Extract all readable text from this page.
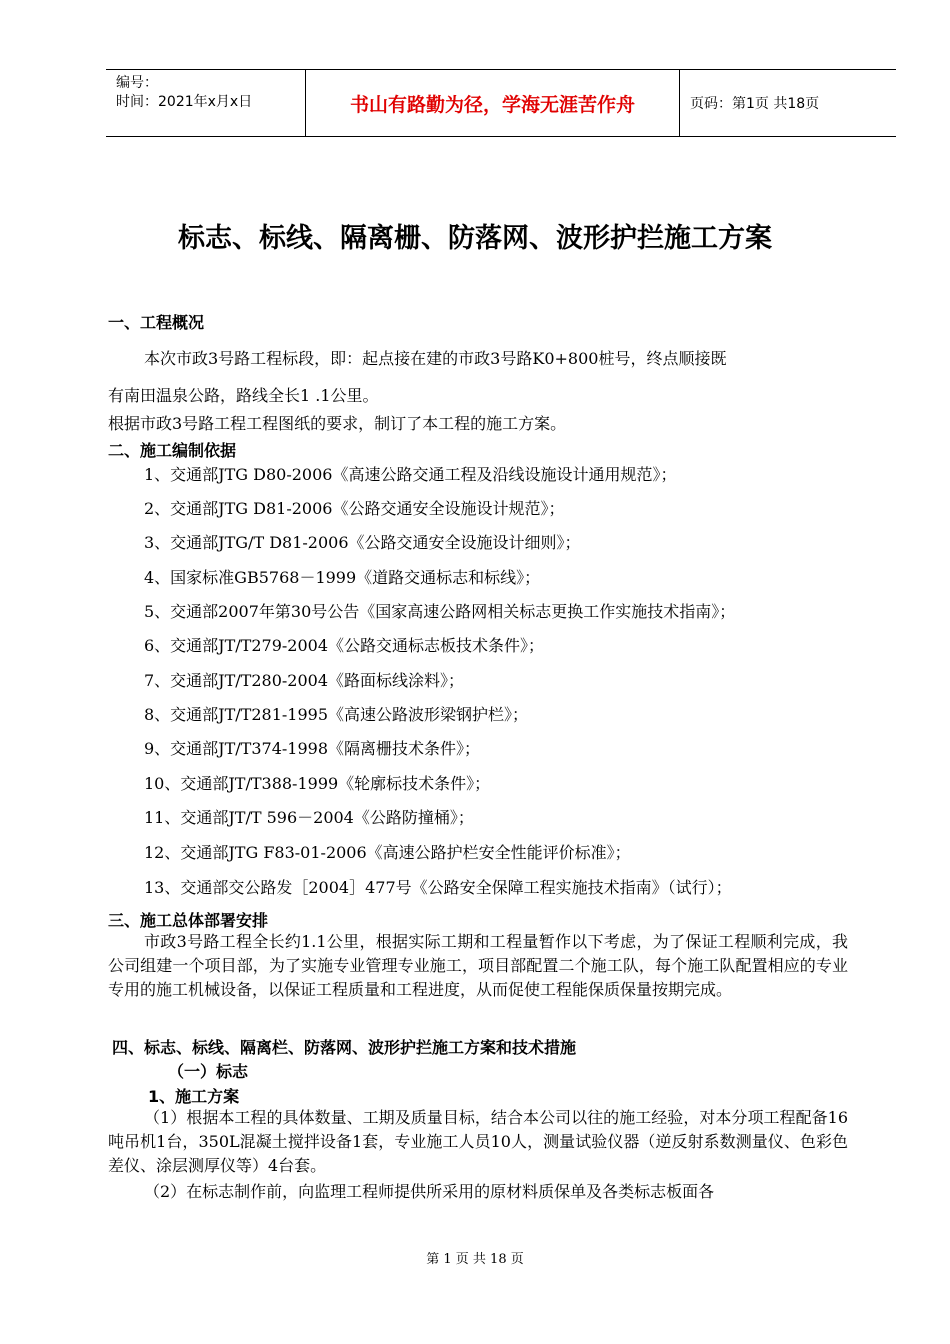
编号：
时间：2021年x月x日	书山有路勤为径，学海无涯苦作舟	页码：第1页 共18页
标志、标线、隔离栅、防落网、波形护拦施工方案
一、工程概况
本次市政3号路工程标段，即：起点接在建的市政3号路K0+800桩号，终点顺接既
有南田温泉公路，路线全长1 .1公里。
根据市政3号路工程工程图纸的要求，制订了本工程的施工方案。
二、施工编制依据
1、交通部JTG D80-2006《高速公路交通工程及沿线设施设计通用规范》；
2、交通部JTG D81-2006《公路交通安全设施设计规范》；
3、交通部JTG/T D81-2006《公路交通安全设施设计细则》；
4、国家标准GB5768－1999《道路交通标志和标线》；
5、交通部2007年第30号公告《国家高速公路网相关标志更换工作实施技术指南》；
6、交通部JT/T279-2004《公路交通标志板技术条件》；
7、交通部JT/T280-2004《路面标线涂料》；
8、交通部JT/T281-1995《高速公路波形梁钢护栏》；
9、交通部JT/T374-1998《隔离栅技术条件》；
10、交通部JT/T388-1999《轮廓标技术条件》；
11、交通部JT/T 596－2004《公路防撞桶》；
12、交通部JTG F83-01-2006《高速公路护栏安全性能评价标准》；
13、交通部交公路发［2004］477号《公路安全保障工程实施技术指南》（试行）；
三、施工总体部署安排
市政3号路工程全长约1.1公里，根据实际工期和工程量暂作以下考虑，为了保证工程顺利完成，我公司组建一个项目部，为了实施专业管理专业施工，项目部配置二个施工队，每个施工队配置相应的专业专用的施工机械设备，以保证工程质量和工程进度，从而促使工程能保质保量按期完成。
四、标志、标线、隔离栏、防落网、波形护拦施工方案和技术措施
（一）标志
1、施工方案
（1）根据本工程的具体数量、工期及质量目标，结合本公司以往的施工经验，对本分项工程配备16吨吊机1台，350L混凝土搅拌设备1套，专业施工人员10人，测量试验仪器（逆反射系数测量仪、色彩色差仪、涂层测厚仪等）4台套。
（2）在标志制作前，向监理工程师提供所采用的原材料质保单及各类标志板面各
第 1 页 共 18 页
